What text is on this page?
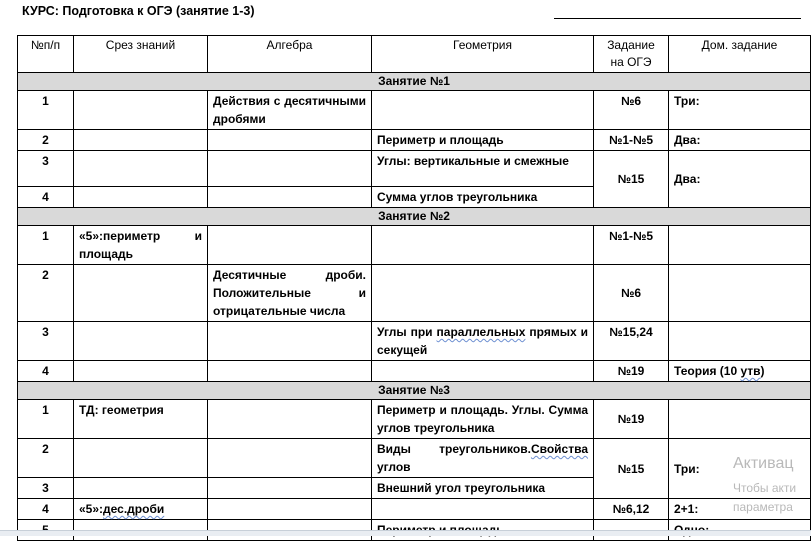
КУРС: Подготовка к ОГЭ (занятие 1-3)
№п/п	Срез знаний	Алгебра	Геометрия	Задание на ОГЭ	Дом. задание
Занятие №1					
1		Действия с десятичными дробями		№6	Три:
2			Периметр и площадь	№1-№5	Два:
3			Углы: вертикальные и смежные	№15	Два:
4			Сумма углов треугольника		
Занятие №2					
1	«5»:периметр и площадь			№1-№5	
2		Десятичные дроби. Положительные и отрицательные числа		№6	
3			Углы при параллельных прямых и секущей	№15,24	
4				№19	Теория (10 утв)
Занятие №3					
1	ТД: геометрия		Периметр и площадь. Углы. Сумма углов треугольника	№19	
2			Виды треугольников.Свойства углов	№15	Три:
3			Внешний угол треугольника		
4	«5»:дес.дроби			№6,12	2+1:

Активац
Чтобы акти
параметра
